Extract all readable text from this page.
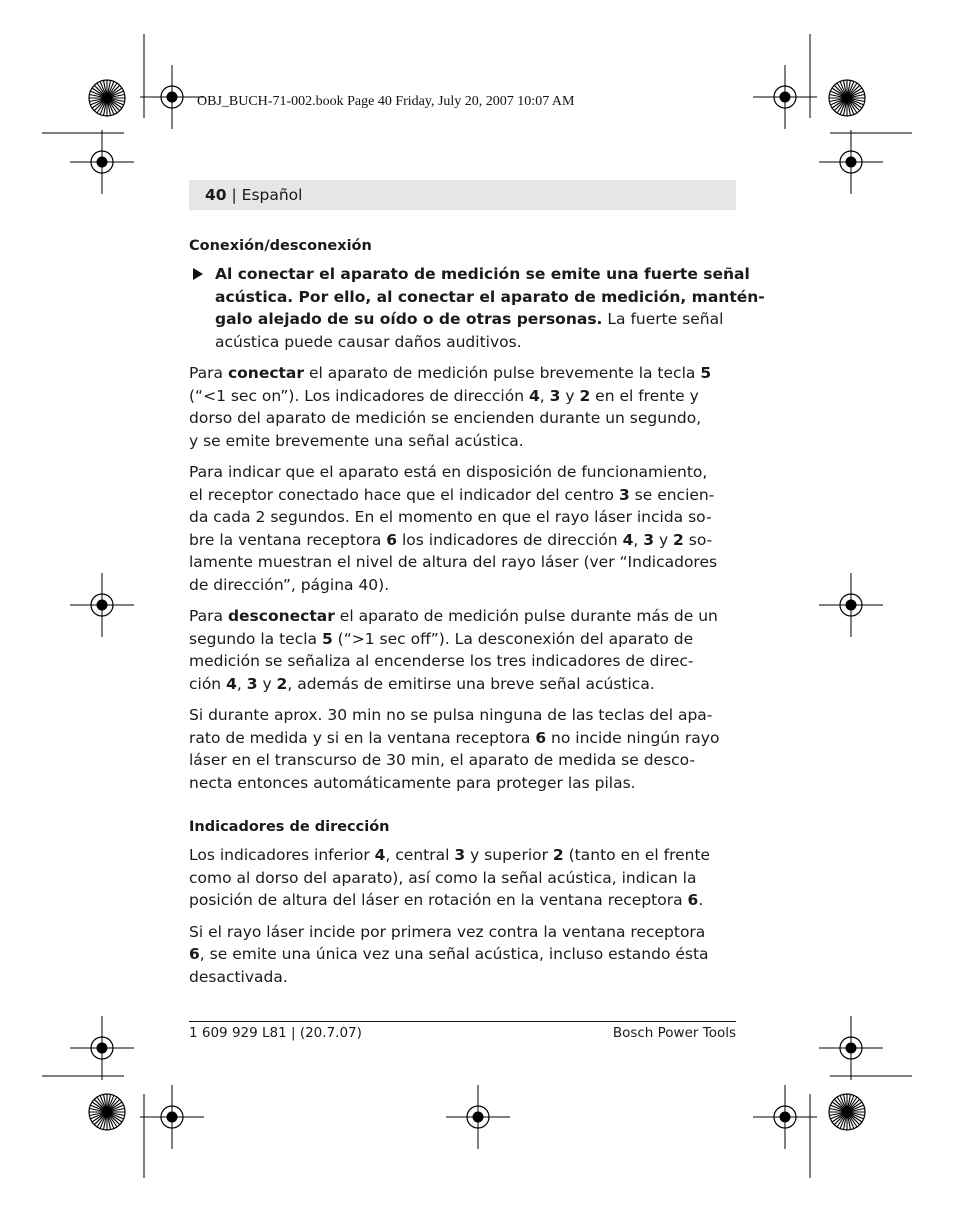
OBJ_BUCH-71-002.book Page 40 Friday, July 20, 2007 10:07 AM
40 | Español
Conexión/desconexión
Al conectar el aparato de medición se emite una fuerte señal
acústica. Por ello, al conectar el aparato de medición, mantén-
galo alejado de su oído o de otras personas. La fuerte señal
acústica puede causar daños auditivos.

Para conectar el aparato de medición pulse brevemente la tecla 5
(“<1 sec on”). Los indicadores de dirección 4, 3 y 2 en el frente y
dorso del aparato de medición se encienden durante un segundo,
y se emite brevemente una señal acústica.

Para indicar que el aparato está en disposición de funcionamiento,
el receptor conectado hace que el indicador del centro 3 se encien-
da cada 2 segundos. En el momento en que el rayo láser incida so-
bre la ventana receptora 6 los indicadores de dirección 4, 3 y 2 so-
lamente muestran el nivel de altura del rayo láser (ver “Indicadores
de dirección”, página 40).

Para desconectar el aparato de medición pulse durante más de un
segundo la tecla 5 (“>1 sec off”). La desconexión del aparato de
medición se señaliza al encenderse los tres indicadores de direc-
ción 4, 3 y 2, además de emitirse una breve señal acústica.

Si durante aprox. 30 min no se pulsa ninguna de las teclas del apa-
rato de medida y si en la ventana receptora 6 no incide ningún rayo
láser en el transcurso de 30 min, el aparato de medida se desco-
necta entonces automáticamente para proteger las pilas.

Indicadores de dirección

Los indicadores inferior 4, central 3 y superior 2 (tanto en el frente
como al dorso del aparato), así como la señal acústica, indican la
posición de altura del láser en rotación en la ventana receptora 6.

Si el rayo láser incide por primera vez contra la ventana receptora
6, se emite una única vez una señal acústica, incluso estando ésta
desactivada.

1 609 929 L81 | (20.7.07)	Bosch Power Tools
